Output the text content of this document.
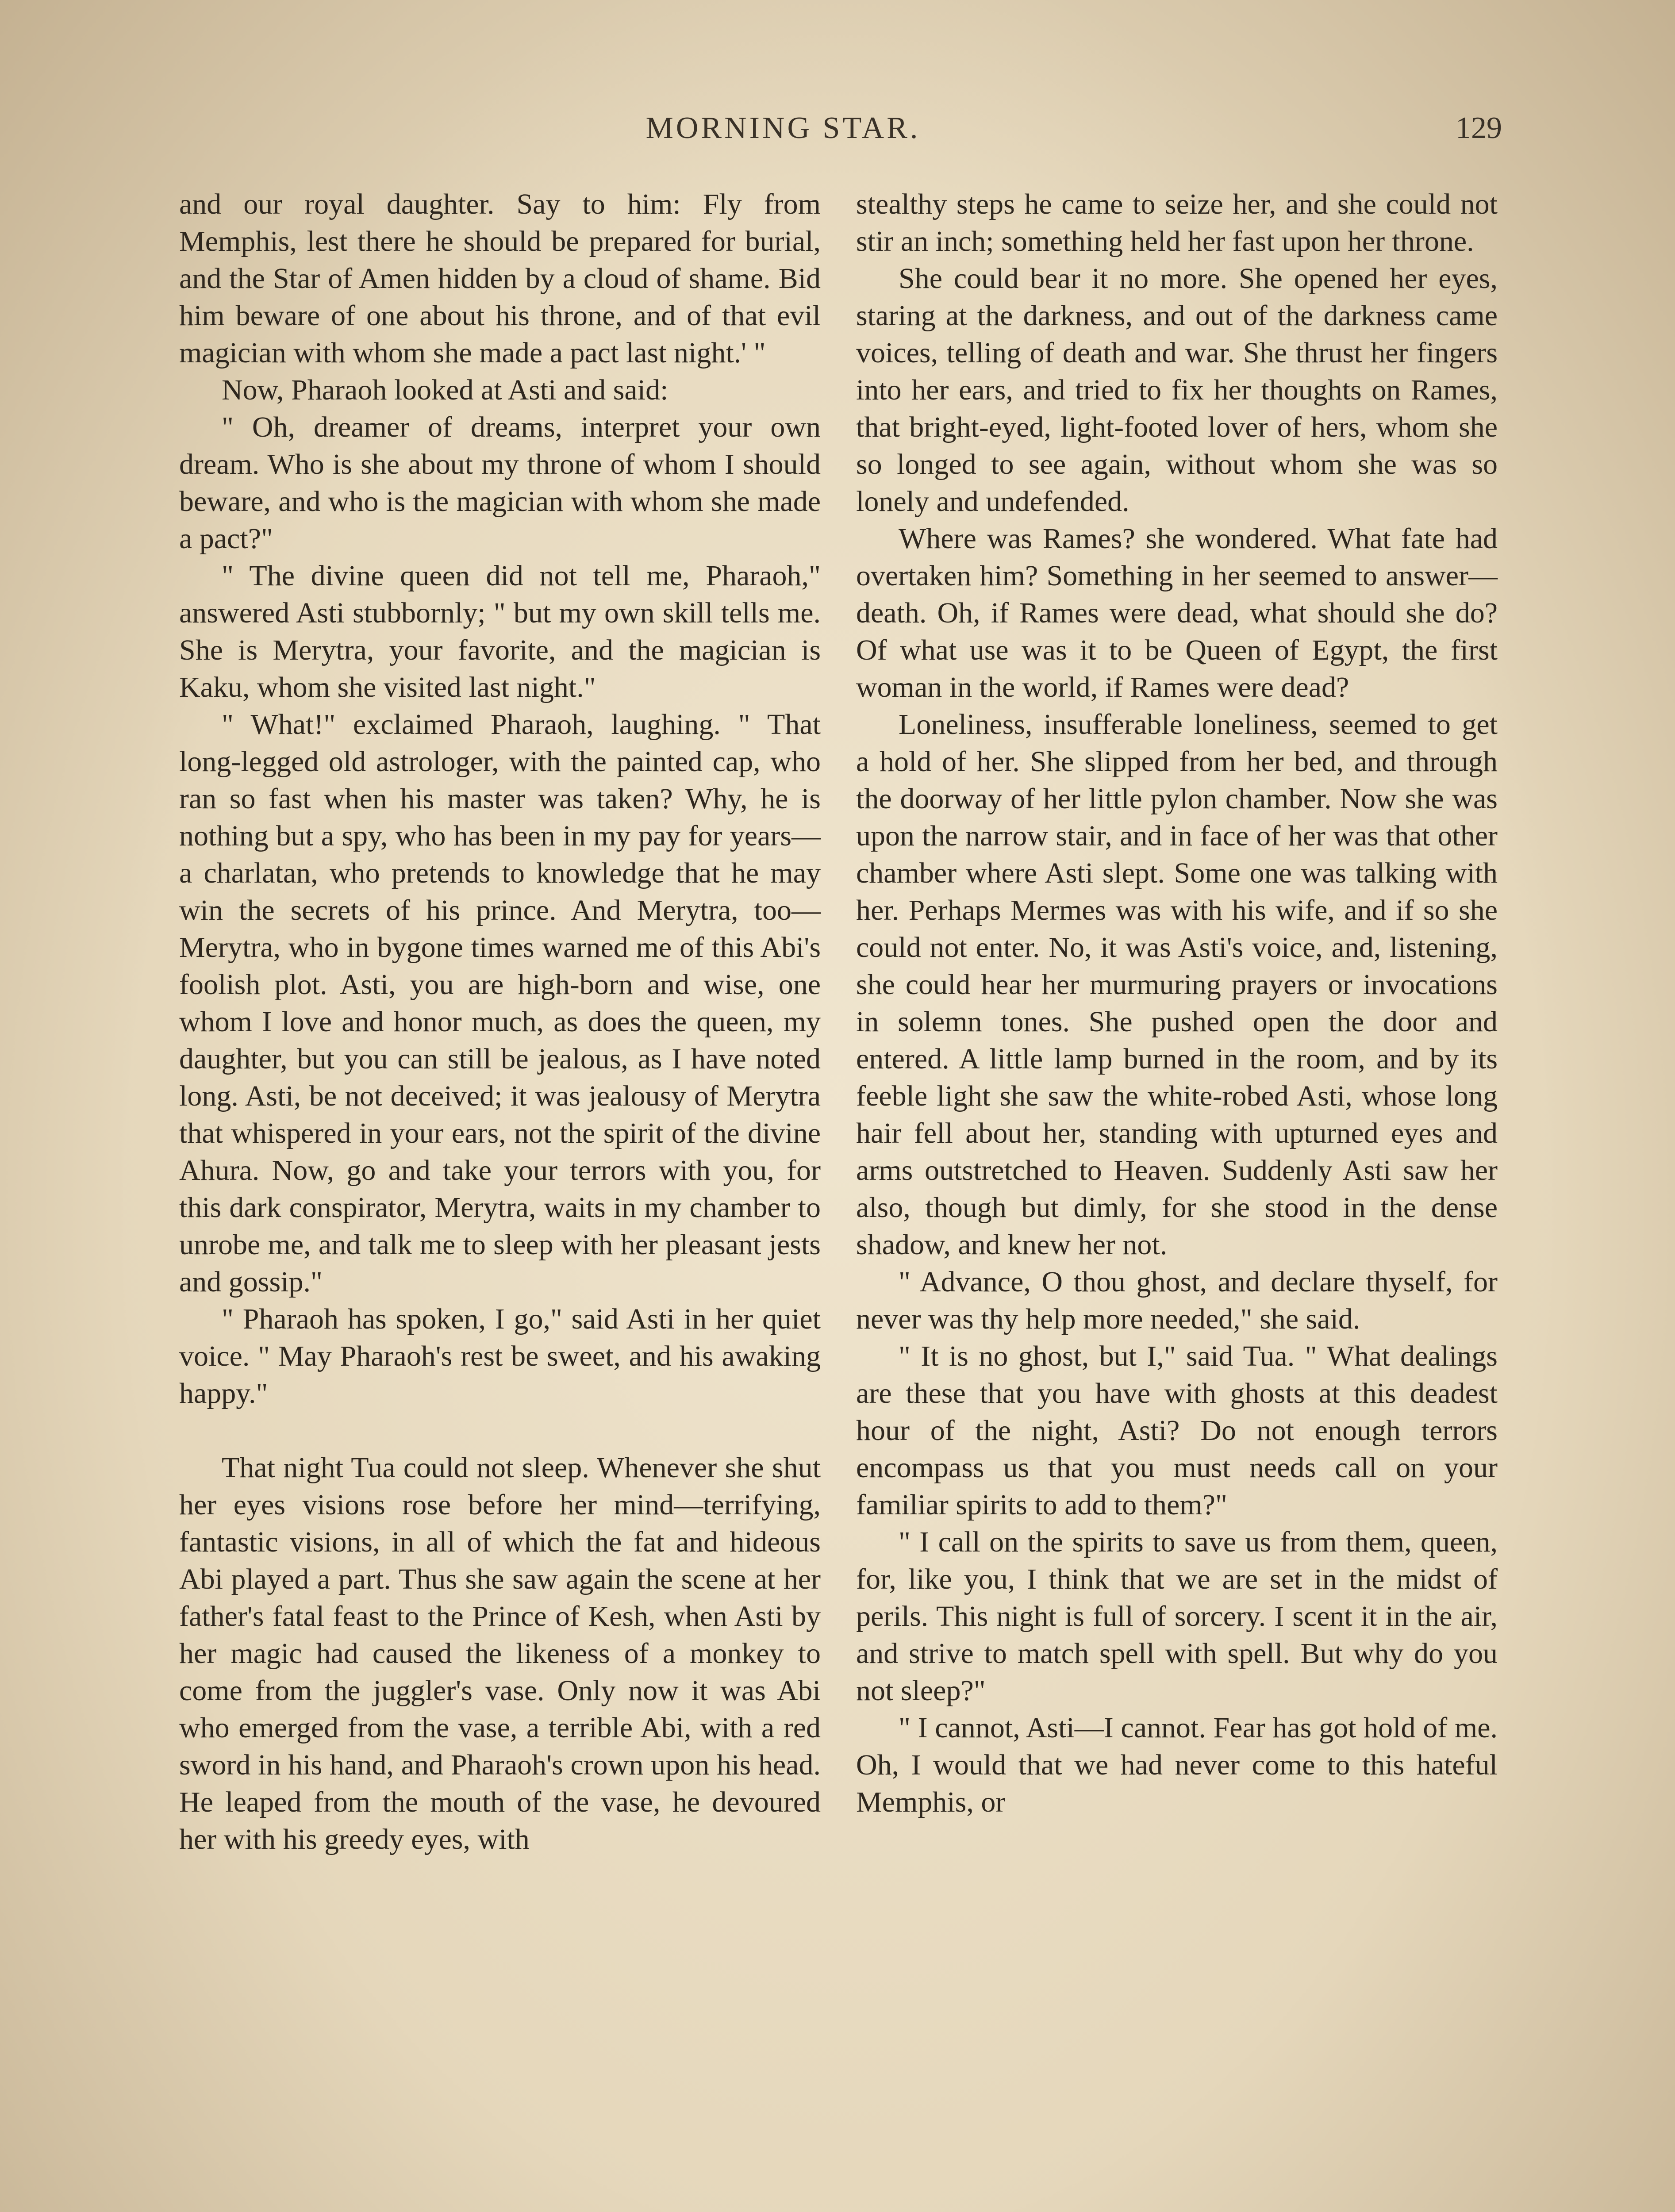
MORNING STAR.	129

and our royal daughter. Say to him: Fly from Memphis, lest there he should be prepared for burial, and the Star of Amen hidden by a cloud of shame. Bid him beware of one about his throne, and of that evil magician with whom she made a pact last night.' "

Now, Pharaoh looked at Asti and said:

" Oh, dreamer of dreams, interpret your own dream. Who is she about my throne of whom I should beware, and who is the magician with whom she made a pact?"

" The divine queen did not tell me, Pharaoh," answered Asti stubbornly; " but my own skill tells me. She is Merytra, your favorite, and the magician is Kaku, whom she visited last night."

" What!" exclaimed Pharaoh, laughing. " That long-legged old astrologer, with the painted cap, who ran so fast when his master was taken? Why, he is nothing but a spy, who has been in my pay for years—a charlatan, who pretends to knowledge that he may win the secrets of his prince. And Merytra, too—Merytra, who in bygone times warned me of this Abi's foolish plot. Asti, you are high-born and wise, one whom I love and honor much, as does the queen, my daughter, but you can still be jealous, as I have noted long. Asti, be not deceived; it was jealousy of Merytra that whispered in your ears, not the spirit of the divine Ahura. Now, go and take your terrors with you, for this dark conspirator, Merytra, waits in my chamber to unrobe me, and talk me to sleep with her pleasant jests and gossip."

" Pharaoh has spoken, I go," said Asti in her quiet voice. " May Pharaoh's rest be sweet, and his awaking happy."

That night Tua could not sleep. Whenever she shut her eyes visions rose before her mind—terrifying, fantastic visions, in all of which the fat and hideous Abi played a part. Thus she saw again the scene at her father's fatal feast to the Prince of Kesh, when Asti by her magic had caused the likeness of a monkey to come from the juggler's vase. Only now it was Abi who emerged from the vase, a terrible Abi, with a red sword in his hand, and Pharaoh's crown upon his head. He leaped from the mouth of the vase, he devoured her with his greedy eyes, with

stealthy steps he came to seize her, and she could not stir an inch; something held her fast upon her throne.

She could bear it no more. She opened her eyes, staring at the darkness, and out of the darkness came voices, telling of death and war. She thrust her fingers into her ears, and tried to fix her thoughts on Rames, that bright-eyed, light-footed lover of hers, whom she so longed to see again, without whom she was so lonely and undefended.

Where was Rames? she wondered. What fate had overtaken him? Something in her seemed to answer—death. Oh, if Rames were dead, what should she do? Of what use was it to be Queen of Egypt, the first woman in the world, if Rames were dead?

Loneliness, insufferable loneliness, seemed to get a hold of her. She slipped from her bed, and through the doorway of her little pylon chamber. Now she was upon the narrow stair, and in face of her was that other chamber where Asti slept. Some one was talking with her. Perhaps Mermes was with his wife, and if so she could not enter. No, it was Asti's voice, and, listening, she could hear her murmuring prayers or invocations in solemn tones. She pushed open the door and entered. A little lamp burned in the room, and by its feeble light she saw the white-robed Asti, whose long hair fell about her, standing with upturned eyes and arms outstretched to Heaven. Suddenly Asti saw her also, though but dimly, for she stood in the dense shadow, and knew her not.

" Advance, O thou ghost, and declare thyself, for never was thy help more needed," she said.

" It is no ghost, but I," said Tua. " What dealings are these that you have with ghosts at this deadest hour of the night, Asti? Do not enough terrors encompass us that you must needs call on your familiar spirits to add to them?"

" I call on the spirits to save us from them, queen, for, like you, I think that we are set in the midst of perils. This night is full of sorcery. I scent it in the air, and strive to match spell with spell. But why do you not sleep?"

" I cannot, Asti—I cannot. Fear has got hold of me. Oh, I would that we had never come to this hateful Memphis, or
